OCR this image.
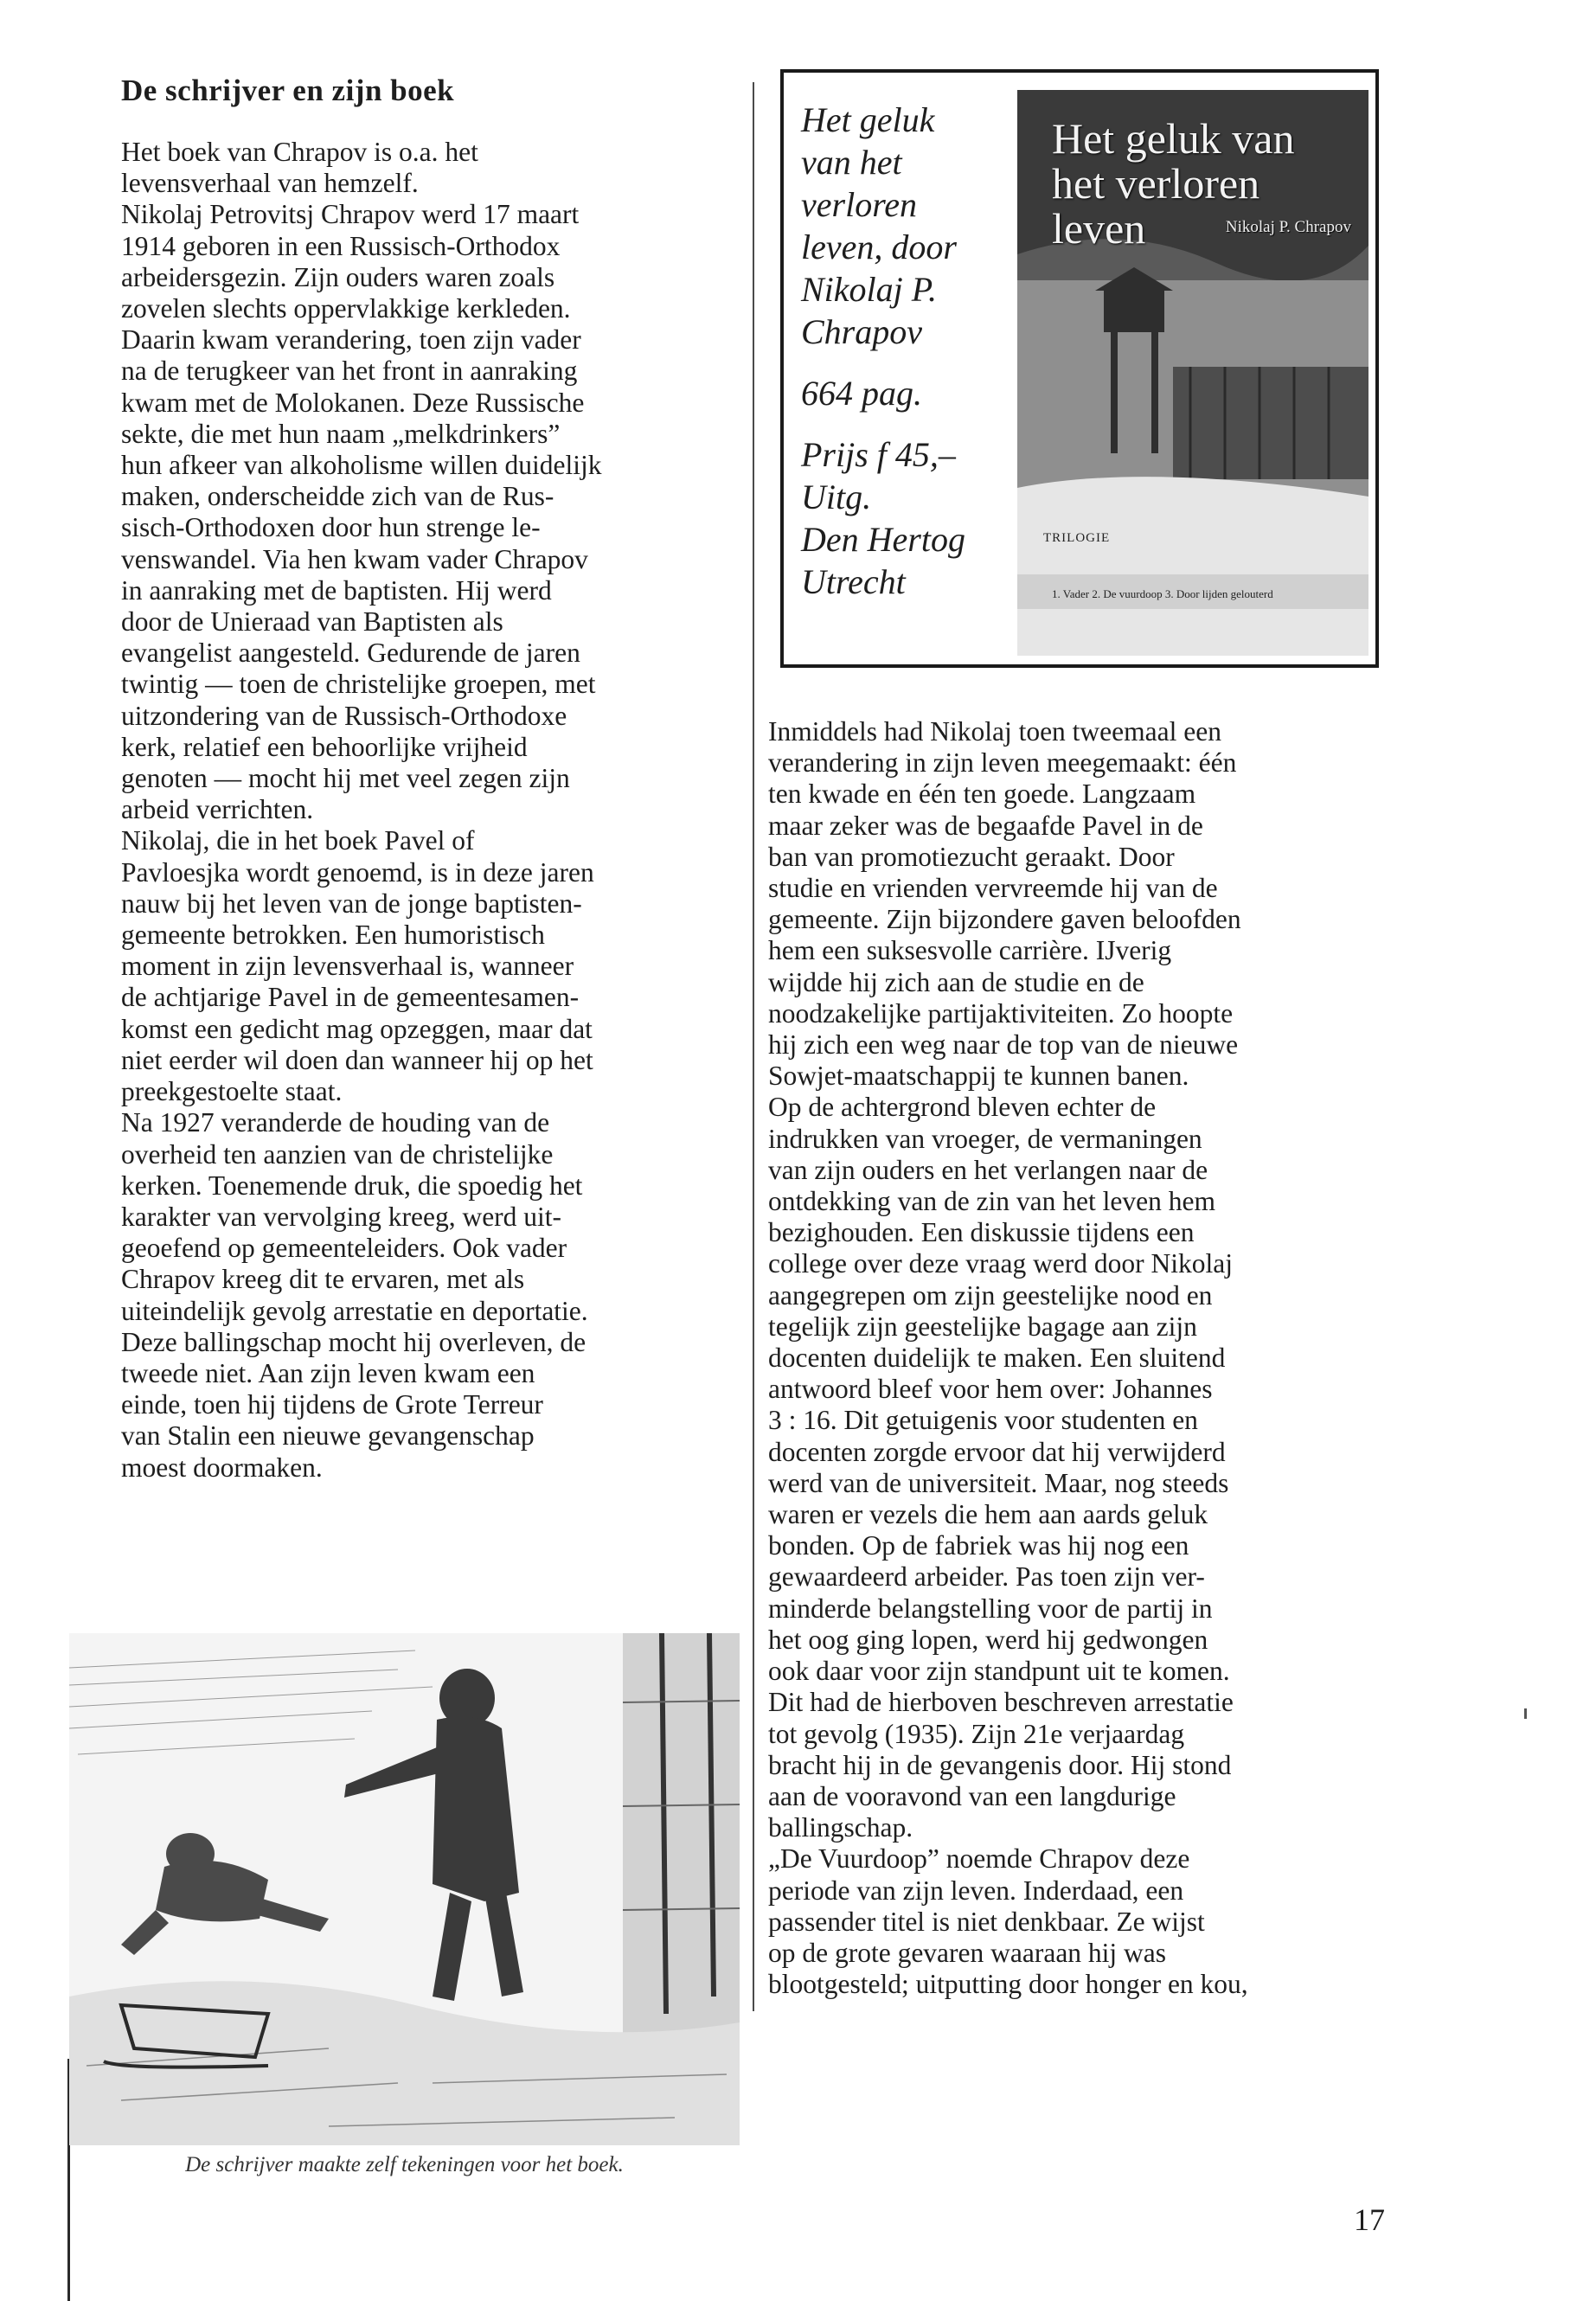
De schrijver en zijn boek

Het boek van Chrapov is o.a. het
levensverhaal van hemzelf.

Nikolaj Petrovitsj Chrapov werd 17 maart
1914 geboren in een Russisch-Orthodox
arbeidersgezin. Zijn ouders waren zoals
zovelen slechts oppervlakkige kerkleden.
Daarin kwam verandering, toen zijn vader
na de terugkeer van het front in aanraking
kwam met de Molokanen. Deze Russische
sekte, die met hun naam „melkdrinkers”
hun afkeer van alkoholisme willen duidelijk
maken, onderscheidde zich van de Rus-
sisch-Orthodoxen door hun strenge le-
venswandel. Via hen kwam vader Chrapov
in aanraking met de baptisten. Hij werd
door de Unieraad van Baptisten als
evangelist aangesteld. Gedurende de jaren
twintig — toen de christelijke groepen, met
uitzondering van de Russisch-Orthodoxe
kerk, relatief een behoorlijke vrijheid
genoten — mocht hij met veel zegen zijn
arbeid verrichten.

Nikolaj, die in het boek Pavel of
Pavloesjka wordt genoemd, is in deze jaren
nauw bij het leven van de jonge baptisten-
gemeente betrokken. Een humoristisch
moment in zijn levensverhaal is, wanneer
de achtjarige Pavel in de gemeentesamen-
komst een gedicht mag opzeggen, maar dat
niet eerder wil doen dan wanneer hij op het
preekgestoelte staat.

Na 1927 veranderde de houding van de
overheid ten aanzien van de christelijke
kerken. Toenemende druk, die spoedig het
karakter van vervolging kreeg, werd uit-
geoefend op gemeenteleiders. Ook vader
Chrapov kreeg dit te ervaren, met als
uiteindelijk gevolg arrestatie en deportatie.
Deze ballingschap mocht hij overleven, de
tweede niet. Aan zijn leven kwam een
einde, toen hij tijdens de Grote Terreur
van Stalin een nieuwe gevangenschap
moest doormaken.

De schrijver maakte zelf tekeningen voor het boek.
Het geluk
van het
verloren
leven, door
Nikolaj P.
Chrapov
664 pag.
Prijs f 45,–
Uitg.
Den Hertog
Utrecht
Het geluk van
het verloren leven	Nikolaj P. Chrapov
TRILOGIE
1. Vader 2. De vuurdoop 3. Door lijden gelouterd

Inmiddels had Nikolaj toen tweemaal een
verandering in zijn leven meegemaakt: één
ten kwade en één ten goede. Langzaam
maar zeker was de begaafde Pavel in de
ban van promotiezucht geraakt. Door
studie en vrienden vervreemde hij van de
gemeente. Zijn bijzondere gaven beloofden
hem een suksesvolle carrière. IJverig
wijdde hij zich aan de studie en de
noodzakelijke partijaktiviteiten. Zo hoopte
hij zich een weg naar de top van de nieuwe
Sowjet-maatschappij te kunnen banen.

Op de achtergrond bleven echter de
indrukken van vroeger, de vermaningen
van zijn ouders en het verlangen naar de
ontdekking van de zin van het leven hem
bezighouden. Een diskussie tijdens een
college over deze vraag werd door Nikolaj
aangegrepen om zijn geestelijke nood en
tegelijk zijn geestelijke bagage aan zijn
docenten duidelijk te maken. Een sluitend
antwoord bleef voor hem over: Johannes
3 : 16. Dit getuigenis voor studenten en
docenten zorgde ervoor dat hij verwijderd
werd van de universiteit. Maar, nog steeds
waren er vezels die hem aan aards geluk
bonden. Op de fabriek was hij nog een
gewaardeerd arbeider. Pas toen zijn ver-
minderde belangstelling voor de partij in
het oog ging lopen, werd hij gedwongen
ook daar voor zijn standpunt uit te komen.
Dit had de hierboven beschreven arrestatie
tot gevolg (1935). Zijn 21e verjaardag
bracht hij in de gevangenis door. Hij stond
aan de vooravond van een langdurige
ballingschap.

„De Vuurdoop” noemde Chrapov deze
periode van zijn leven. Inderdaad, een
passender titel is niet denkbaar. Ze wijst
op de grote gevaren waaraan hij was
blootgesteld; uitputting door honger en kou,

17
